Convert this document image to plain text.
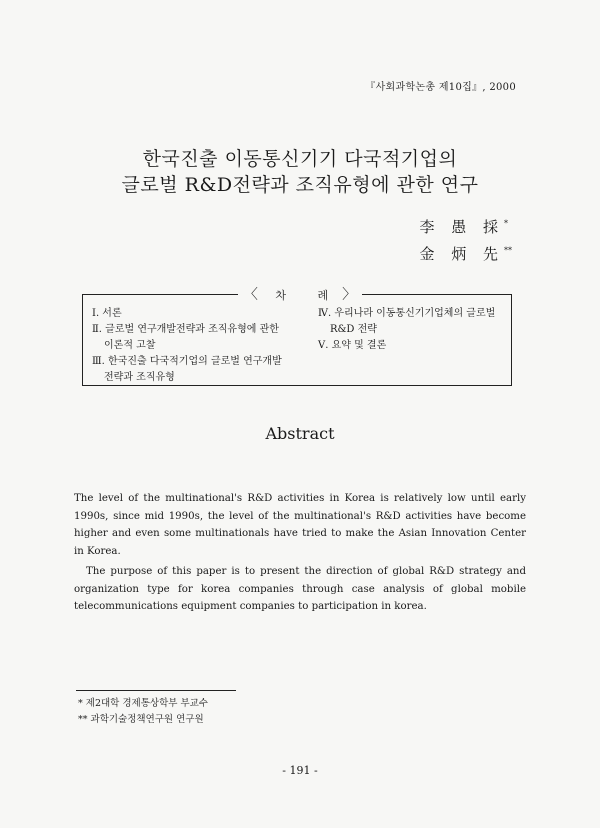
『사회과학논총 제10집』, 2000
한국진출 이동통신기기 다국적기업의
글로벌 R&D전략과 조직유형에 관한 연구
李 愚 採*
金 炳 先**
〈 차 례〉
Ⅰ. 서론
Ⅱ. 글로벌 연구개발전략과 조직유형에 관한
이론적 고찰
Ⅲ. 한국진출 다국적기업의 글로벌 연구개발
전략과 조직유형
Ⅳ. 우리나라 이동통신기기업체의 글로벌
R&D 전략
Ⅴ. 요약 및 결론
Abstract

The level of the multinational's R&D activities in Korea is relatively low until early 1990s, since mid 1990s, the level of the multinational's R&D activities have become higher and even some multinationals have tried to make the Asian Innovation Center in Korea.

The purpose of this paper is to present the direction of global R&D strategy and organization type for korea companies through case analysis of global mobile telecommunications equipment companies to participation in korea.

* 제2대학 경제통상학부 부교수
** 과학기술정책연구원 연구원
- 191 -
